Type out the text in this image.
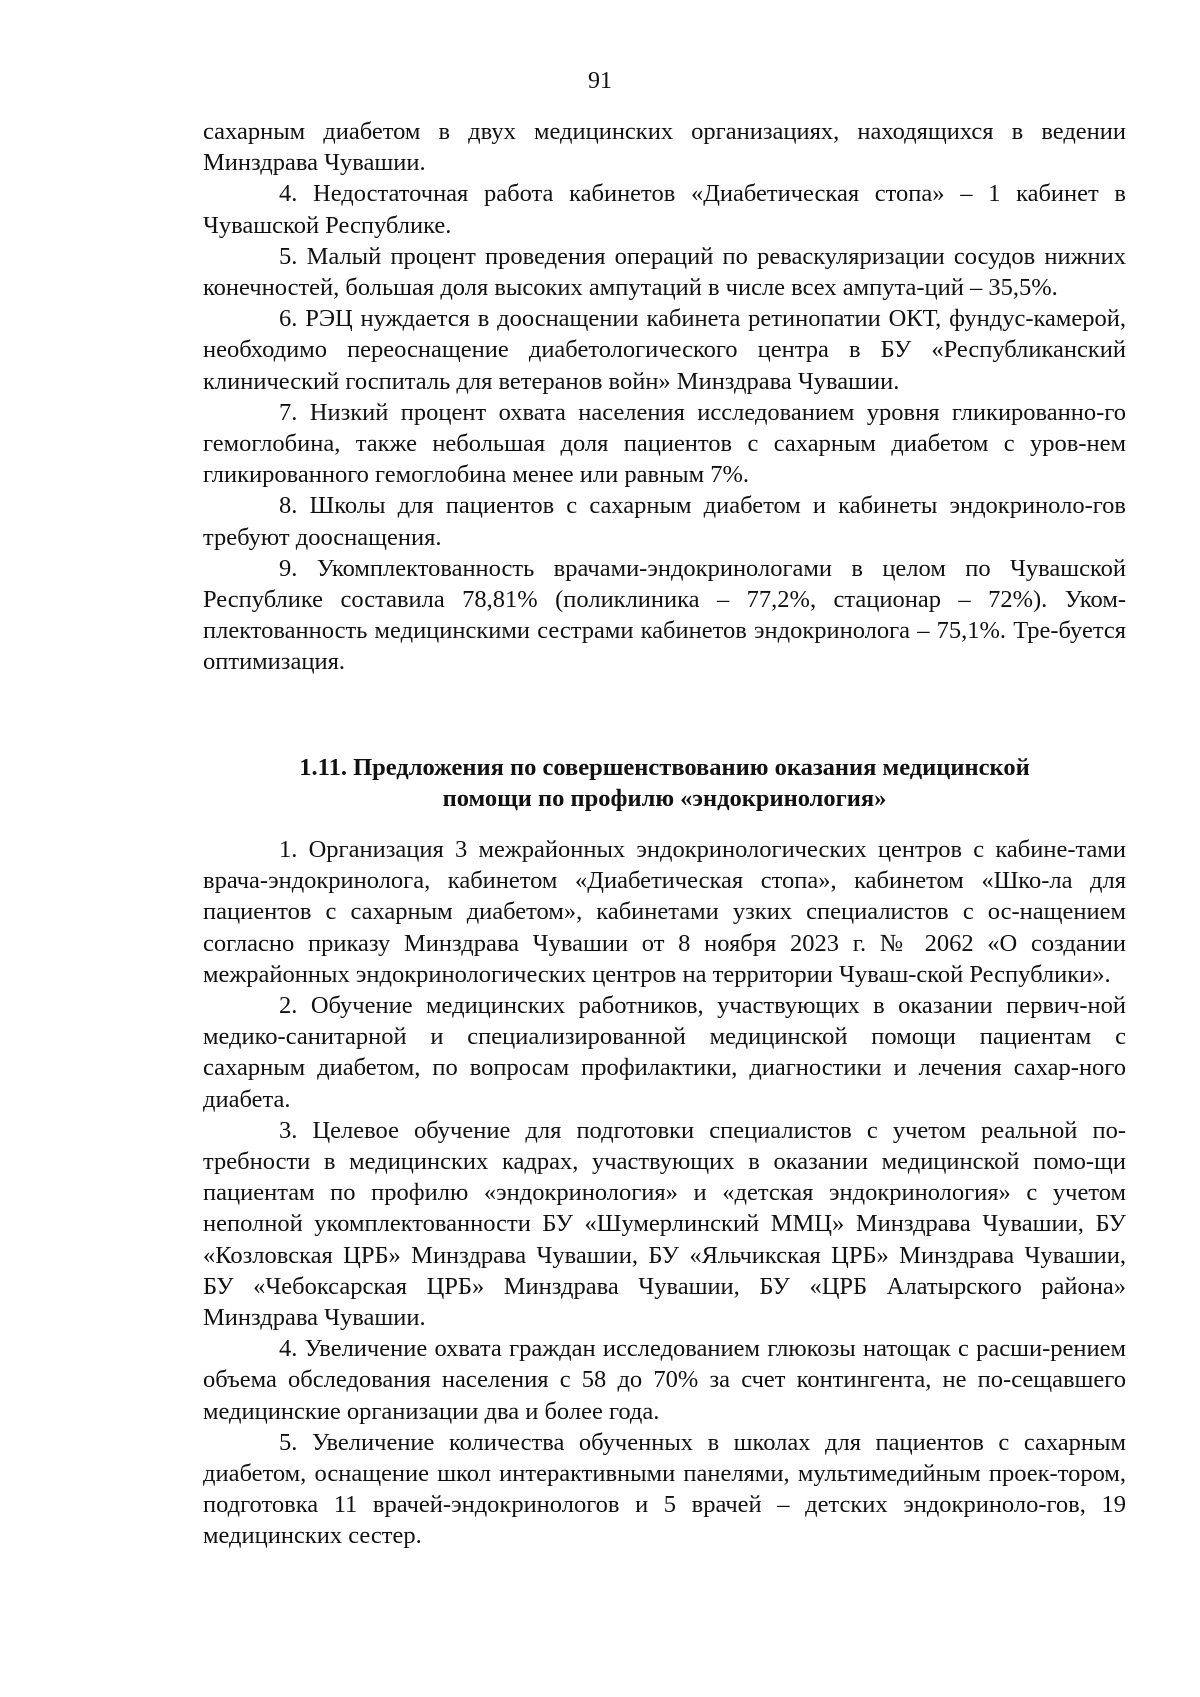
91

сахарным диабетом в двух медицинских организациях, находящихся в ведении Минздрава Чувашии.

4. Недостаточная работа кабинетов «Диабетическая стопа» – 1 кабинет в Чувашской Республике.

5. Малый процент проведения операций по реваскуляризации сосудов нижних конечностей, большая доля высоких ампутаций в числе всех ампута-ций – 35,5%.

6. РЭЦ нуждается в дооснащении кабинета ретинопатии ОКТ, фундус-камерой, необходимо переоснащение диабетологического центра в БУ «Республиканский клинический госпиталь для ветеранов войн» Минздрава Чувашии.

7. Низкий процент охвата населения исследованием уровня гликированно-го гемоглобина, также небольшая доля пациентов с сахарным диабетом с уров-нем гликированного гемоглобина менее или равным 7%.

8. Школы для пациентов с сахарным диабетом и кабинеты эндокриноло-гов требуют дооснащения.

9. Укомплектованность врачами-эндокринологами в целом по Чувашской Республике составила 78,81% (поликлиника – 77,2%, стационар – 72%). Уком-плектованность медицинскими сестрами кабинетов эндокринолога – 75,1%. Тре-буется оптимизация.

1.11. Предложения по совершенствованию оказания медицинской
помощи по профилю «эндокринология»

1. Организация 3 межрайонных эндокринологических центров с кабине-тами врача-эндокринолога, кабинетом «Диабетическая стопа», кабинетом «Шко-ла для пациентов с сахарным диабетом», кабинетами узких специалистов с ос-нащением согласно приказу Минздрава Чувашии от 8 ноября 2023 г. № 2062 «О создании межрайонных эндокринологических центров на территории Чуваш-ской Республики».

2. Обучение медицинских работников, участвующих в оказании первич-ной медико-санитарной и специализированной медицинской помощи пациентам с сахарным диабетом, по вопросам профилактики, диагностики и лечения сахар-ного диабета.

3. Целевое обучение для подготовки специалистов с учетом реальной по-требности в медицинских кадрах, участвующих в оказании медицинской помо-щи пациентам по профилю «эндокринология» и «детская эндокринология» с учетом неполной укомплектованности БУ «Шумерлинский ММЦ» Минздрава Чувашии, БУ «Козловская ЦРБ» Минздрава Чувашии, БУ «Яльчикская ЦРБ» Минздрава Чувашии, БУ «Чебоксарская ЦРБ» Минздрава Чувашии, БУ «ЦРБ Алатырского района» Минздрава Чувашии.

4. Увеличение охвата граждан исследованием глюкозы натощак с расши-рением объема обследования населения с 58 до 70% за счет контингента, не по-сещавшего медицинские организации два и более года.

5. Увеличение количества обученных в школах для пациентов с сахарным диабетом, оснащение школ интерактивными панелями, мультимедийным проек-тором, подготовка 11 врачей-эндокринологов и 5 врачей – детских эндокриноло-гов, 19 медицинских сестер.
